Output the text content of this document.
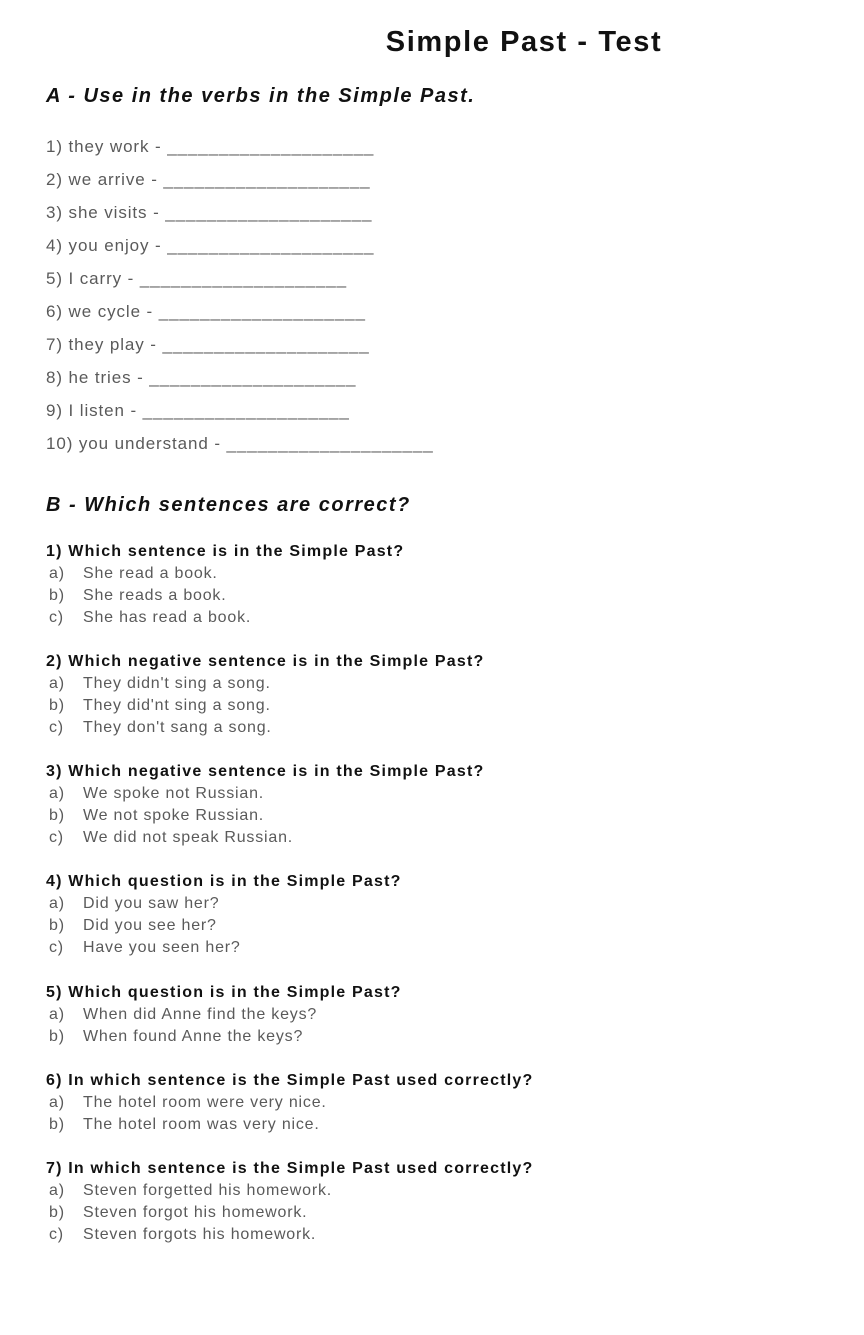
Simple Past - Test
A - Use in the verbs in the Simple Past.
1) they work - ____________________
2) we arrive - ____________________
3) she visits - ____________________
4) you enjoy - ____________________
5) I carry - ____________________
6) we cycle - ____________________
7) they play - ____________________
8) he tries - ____________________
9) I listen - ____________________
10) you understand - ____________________
B - Which sentences are correct?
1) Which sentence is in the Simple Past?
a) She read a book.
b) She reads a book.
c) She has read a book.
2) Which negative sentence is in the Simple Past?
a) They didn't sing a song.
b) They did'nt sing a song.
c) They don't sang a song.
3) Which negative sentence is in the Simple Past?
a) We spoke not Russian.
b) We not spoke Russian.
c) We did not speak Russian.
4) Which question is in the Simple Past?
a) Did you saw her?
b) Did you see her?
c) Have you seen her?
5) Which question is in the Simple Past?
a) When did Anne find the keys?
b) When found Anne the keys?
6) In which sentence is the Simple Past used correctly?
a) The hotel room were very nice.
b) The hotel room was very nice.
7) In which sentence is the Simple Past used correctly?
a) Steven forgetted his homework.
b) Steven forgot his homework.
c) Steven forgots his homework.
